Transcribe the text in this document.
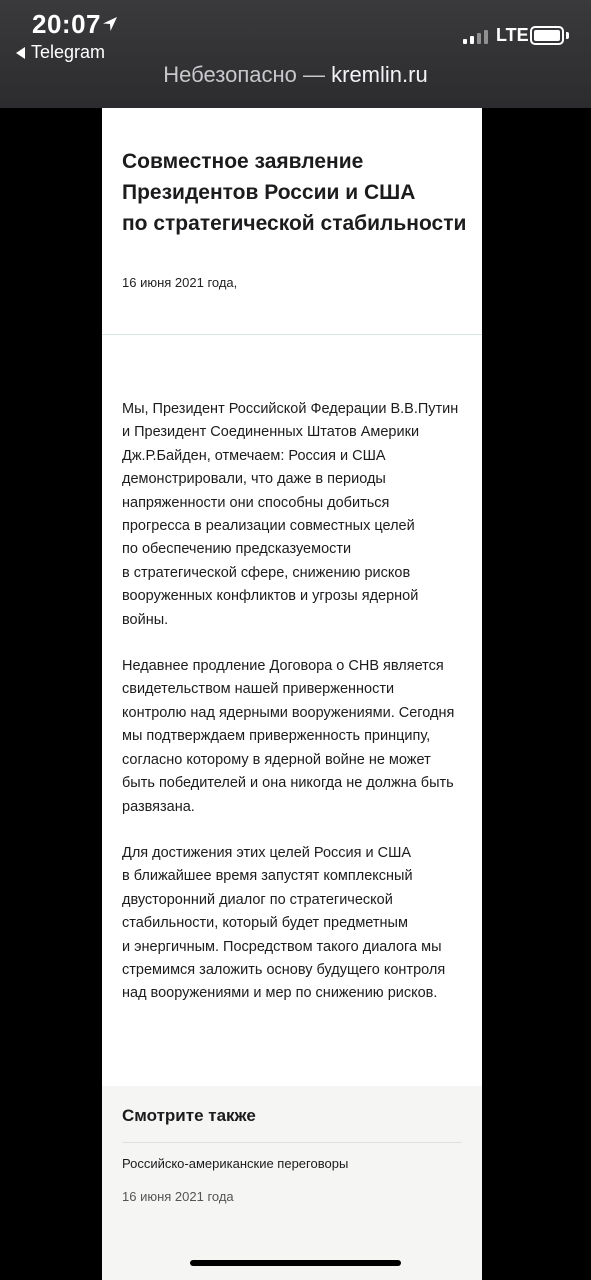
20:07
Telegram
LTE
Небезопасно — kremlin.ru
Совместное заявление
Президентов России и США
по стратегической стабильности
16 июня 2021 года,
Мы, Президент Российской Федерации В.В.Путин
и Президент Соединенных Штатов Америки
Дж.Р.Байден, отмечаем: Россия и США
демонстрировали, что даже в периоды
напряженности они способны добиться
прогресса в реализации совместных целей
по обеспечению предсказуемости
в стратегической сфере, снижению рисков
вооруженных конфликтов и угрозы ядерной
войны.
Недавнее продление Договора о СНВ является
свидетельством нашей приверженности
контролю над ядерными вооружениями. Сегодня
мы подтверждаем приверженность принципу,
согласно которому в ядерной войне не может
быть победителей и она никогда не должна быть
развязана.
Для достижения этих целей Россия и США
в ближайшее время запустят комплексный
двусторонний диалог по стратегической
стабильности, который будет предметным
и энергичным. Посредством такого диалога мы
стремимся заложить основу будущего контроля
над вооружениями и мер по снижению рисков.
Смотрите также
Российско-американские переговоры
16 июня 2021 года
